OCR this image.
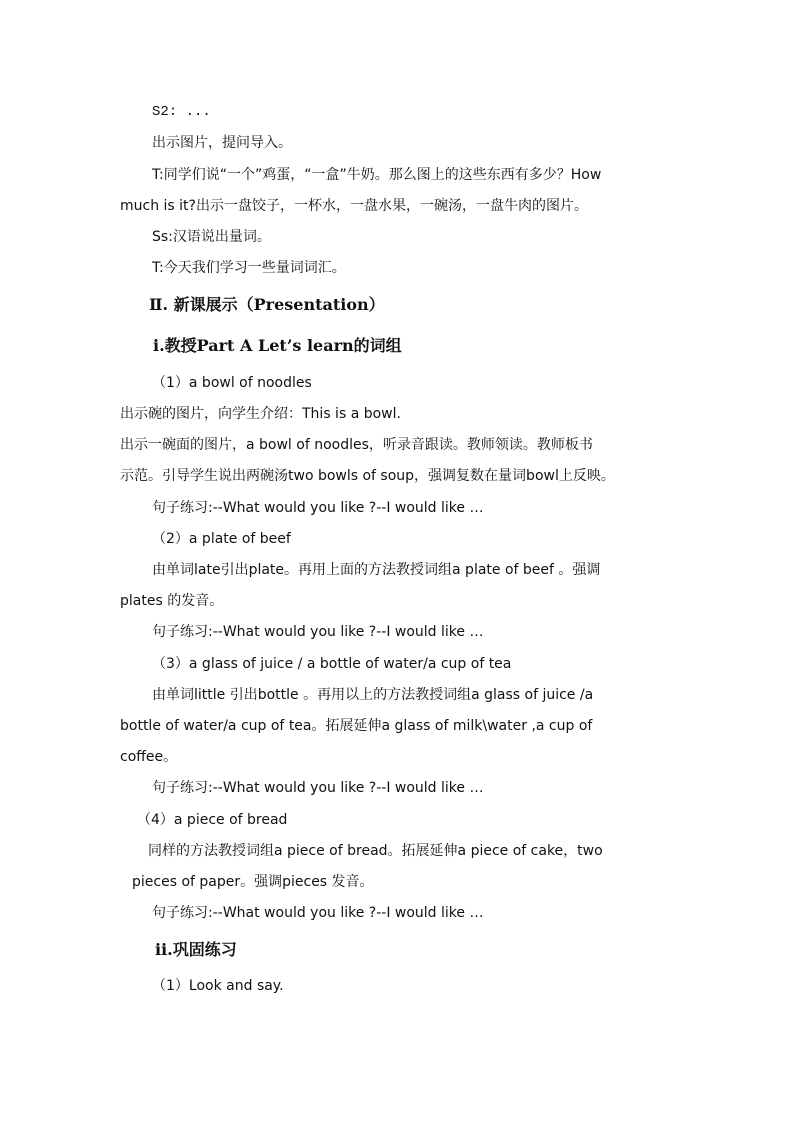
S2: ...
出示图片，提问导入。
T:同学们说“一个”鸡蛋，“一盒”牛奶。那么图上的这些东西有多少？How
much is it?出示一盘饺子，一杯水，一盘水果，一碗汤，一盘牛肉的图片。
Ss:汉语说出量词。
T:今天我们学习一些量词词汇。
Ⅱ. 新课展示（Presentation）
ⅰ.教授Part A Let’s learn的词组
（1）a bowl of noodles
出示碗的图片，向学生介绍：This is a bowl.
出示一碗面的图片，a bowl of noodles，听录音跟读。教师领读。教师板书
示范。引导学生说出两碗汤two bowls of soup，强调复数在量词bowl上反映。
句子练习:--What would you like ?--I would like …
（2）a plate of beef
由单词late引出plate。再用上面的方法教授词组a plate of beef 。强调
plates 的发音。
句子练习:--What would you like ?--I would like …
（3）a glass of juice / a bottle of water/a cup of tea
由单词little 引出bottle 。再用以上的方法教授词组a glass of juice /a
bottle of water/a cup of tea。拓展延伸a glass of milk\water ,a cup of
coffee。
句子练习:--What would you like ?--I would like …
（4）a piece of bread
同样的方法教授词组a piece of bread。拓展延伸a piece of cake，two
pieces of paper。强调pieces 发音。
句子练习:--What would you like ?--I would like …
ⅱ.巩固练习
（1）Look and say.
